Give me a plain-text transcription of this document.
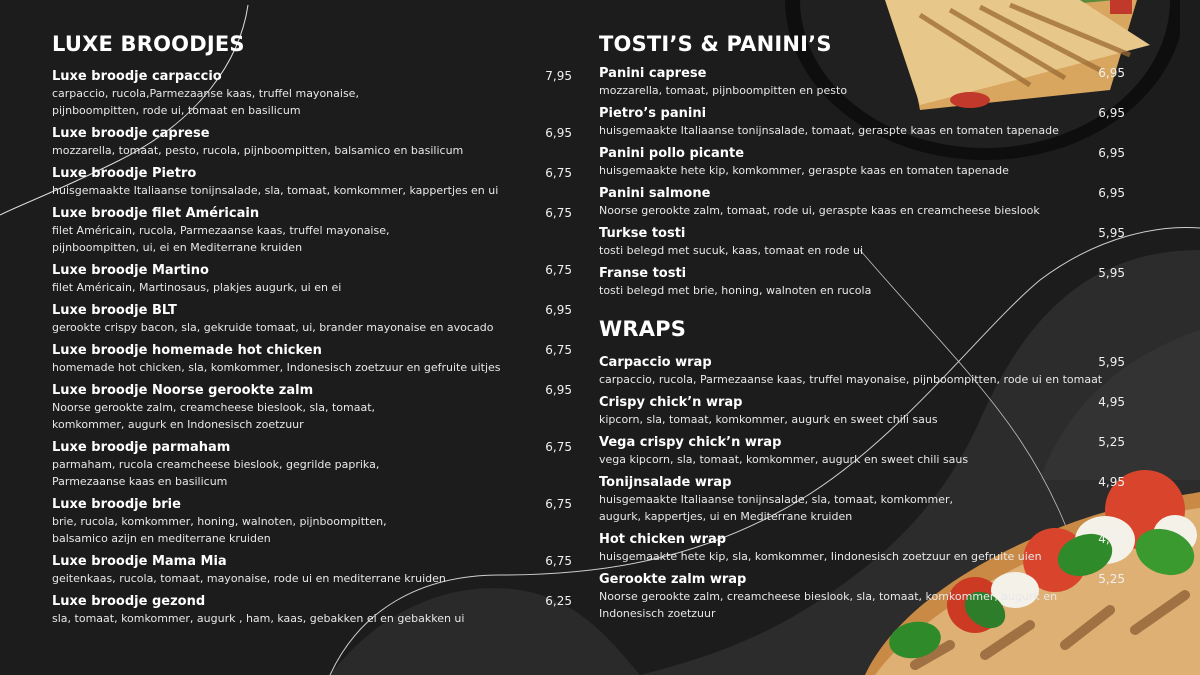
LUXE BROODJES
Luxe broodje carpaccio	7,95
carpaccio, rucola,Parmezaanse kaas, truffel mayonaise,
pijnboompitten, rode ui, tomaat en basilicum
Luxe broodje caprese	6,95
mozzarella, tomaat, pesto, rucola, pijnboompitten, balsamico en basilicum
Luxe broodje Pietro	6,75
huisgemaakte Italiaanse tonijnsalade, sla, tomaat, komkommer, kappertjes en ui
Luxe broodje filet Américain	6,75
filet Américain, rucola, Parmezaanse kaas, truffel mayonaise,
pijnboompitten, ui, ei en Mediterrane kruiden
Luxe broodje Martino	6,75
filet Américain, Martinosaus, plakjes augurk, ui en ei
Luxe broodje BLT	6,95
gerookte crispy bacon, sla, gekruide tomaat, ui, brander mayonaise en avocado
Luxe broodje homemade hot chicken	6,75
homemade hot chicken, sla, komkommer, Indonesisch zoetzuur en gefruite uitjes
Luxe broodje Noorse gerookte zalm	6,95
Noorse gerookte zalm, creamcheese bieslook, sla, tomaat,
komkommer, augurk en Indonesisch zoetzuur
Luxe broodje parmaham	6,75
parmaham, rucola creamcheese bieslook, gegrilde paprika,
Parmezaanse kaas en basilicum
Luxe broodje brie	6,75
brie, rucola, komkommer, honing, walnoten, pijnboompitten,
balsamico azijn en mediterrane kruiden
Luxe broodje Mama Mia	6,75
geitenkaas, rucola, tomaat, mayonaise, rode ui en mediterrane kruiden
Luxe broodje gezond	6,25
sla, tomaat, komkommer, augurk , ham, kaas, gebakken ei en gebakken ui
TOSTI’S & PANINI’S
Panini caprese	6,95
mozzarella, tomaat, pijnboompitten en pesto
Pietro’s panini	6,95
huisgemaakte Italiaanse tonijnsalade, tomaat, geraspte kaas en tomaten tapenade
Panini pollo picante	6,95
huisgemaakte hete kip, komkommer, geraspte kaas en tomaten tapenade
Panini salmone	6,95
Noorse gerookte zalm, tomaat, rode ui, geraspte kaas en creamcheese bieslook
Turkse tosti	5,95
tosti belegd met sucuk, kaas, tomaat en rode ui
Franse tosti	5,95
tosti belegd met brie, honing, walnoten en rucola
WRAPS
Carpaccio wrap	5,95
carpaccio, rucola, Parmezaanse kaas, truffel mayonaise, pijnboompitten, rode ui en tomaat
Crispy chick’n wrap	4,95
kipcorn, sla, tomaat, komkommer, augurk en sweet chili saus
Vega crispy chick’n wrap	5,25
vega kipcorn, sla, tomaat, komkommer, augurk en sweet chili saus
Tonijnsalade wrap	4,95
huisgemaakte Italiaanse tonijnsalade, sla, tomaat, komkommer,
augurk, kappertjes, ui en Mediterrane kruiden
Hot chicken wrap	4,95
huisgemaakte hete kip, sla, komkommer, Iindonesisch zoetzuur en gefruite uien
Gerookte zalm wrap	5,25
Noorse gerookte zalm, creamcheese bieslook, sla, tomaat, komkommer, augurk en
Indonesisch zoetzuur
